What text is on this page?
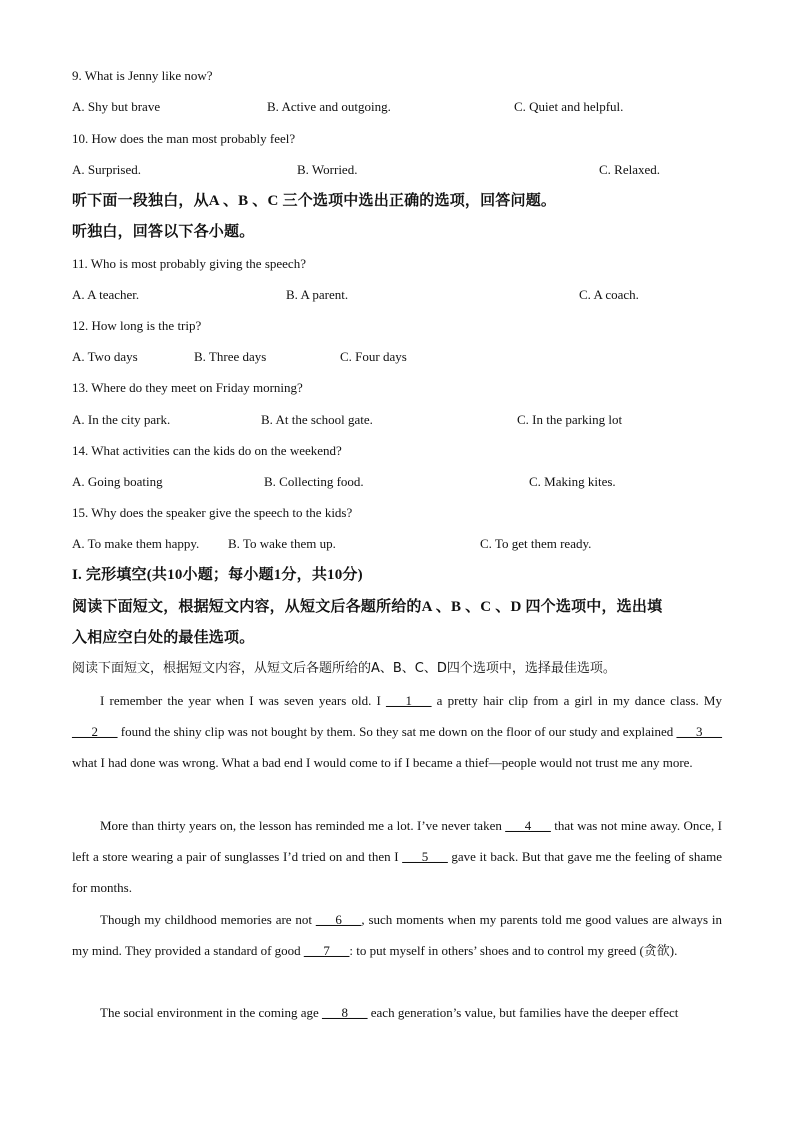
9. What is Jenny like now?
A. Shy but brave	B. Active and outgoing.	C. Quiet and helpful.
10. How does the man most probably feel?
A. Surprised.	B. Worried.	C. Relaxed.
听下面一段独白，从A 、B 、C 三个选项中选出正确的选项，回答问题。
听独白，回答以下各小题。
11. Who is most probably giving the speech?
A. A teacher.	B. A parent.	C. A coach.
12. How long is the trip?
A. Two days	B. Three days	C. Four days
13. Where do they meet on Friday morning?
A. In the city park.	B. At the school gate.	C. In the parking lot
14. What activities can the kids do on the weekend?
A. Going boating	B. Collecting food.	C. Making kites.
15. Why does the speaker give the speech to the kids?
A. To make them happy. B. To wake them up.	C. To get them ready.
I. 完形填空(共10小题；每小题1分，共10分)
阅读下面短文，根据短文内容，从短文后各题所给的A 、B 、C 、D 四个选项中，选出填
入相应空白处的最佳选项。
阅读下面短文，根据短文内容，从短文后各题所给的A、B、C、D四个选项中，选择最佳选项。
I remember the year when I was seven years old. I ___1___ a pretty hair clip from a girl in my dance class. My ___2___ found the shiny clip was not bought by them. So they sat me down on the floor of our study and explained ___3___ what I had done was wrong. What a bad end I would come to if I became a thief—people would not trust me any more.
More than thirty years on, the lesson has reminded me a lot. I’ve never taken ___4___ that was not mine away. Once, I left a store wearing a pair of sunglasses I’d tried on and then I ___5___ gave it back. But that gave me the feeling of shame for months.
Though my childhood memories are not ___6___, such moments when my parents told me good values are always in my mind. They provided a standard of good ___7___: to put myself in others’ shoes and to control my greed (贪欲).
The social environment in the coming age ___8___ each generation’s value, but families have the deeper effect
